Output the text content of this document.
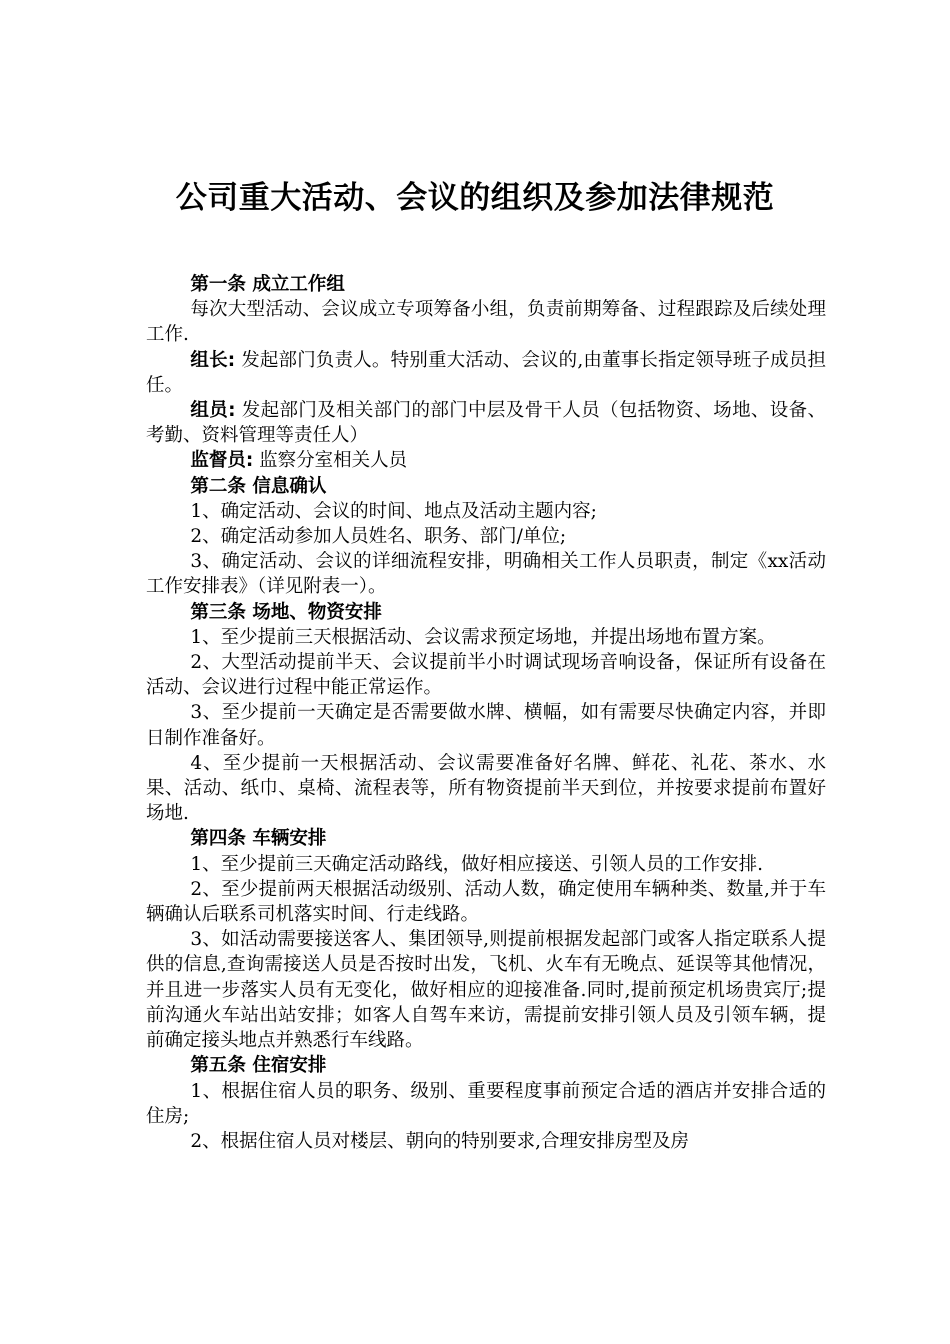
公司重大活动、会议的组织及参加法律规范

第一条 成立工作组

每次大型活动、会议成立专项筹备小组，负责前期筹备、过程跟踪及后续处理工作.

组长: 发起部门负责人。特别重大活动、会议的,由董事长指定领导班子成员担任。

组员: 发起部门及相关部门的部门中层及骨干人员（包括物资、场地、设备、考勤、资料管理等责任人）

监督员: 监察分室相关人员

第二条 信息确认

1、确定活动、会议的时间、地点及活动主题内容;

2、确定活动参加人员姓名、职务、部门/单位;

3、确定活动、会议的详细流程安排，明确相关工作人员职责，制定《xx活动工作安排表》（详见附表一）。

第三条 场地、物资安排

1、至少提前三天根据活动、会议需求预定场地，并提出场地布置方案。

2、大型活动提前半天、会议提前半小时调试现场音响设备，保证所有设备在活动、会议进行过程中能正常运作。

3、至少提前一天确定是否需要做水牌、横幅，如有需要尽快确定内容，并即日制作准备好。

4、至少提前一天根据活动、会议需要准备好名牌、鲜花、礼花、茶水、水果、活动、纸巾、桌椅、流程表等，所有物资提前半天到位，并按要求提前布置好场地.

第四条 车辆安排

1、至少提前三天确定活动路线，做好相应接送、引领人员的工作安排.

2、至少提前两天根据活动级别、活动人数，确定使用车辆种类、数量,并于车辆确认后联系司机落实时间、行走线路。

3、如活动需要接送客人、集团领导,则提前根据发起部门或客人指定联系人提供的信息,查询需接送人员是否按时出发，飞机、火车有无晚点、延误等其他情况，并且进一步落实人员有无变化，做好相应的迎接准备.同时,提前预定机场贵宾厅;提前沟通火车站出站安排；如客人自驾车来访，需提前安排引领人员及引领车辆，提前确定接头地点并熟悉行车线路。

第五条 住宿安排

1、根据住宿人员的职务、级别、重要程度事前预定合适的酒店并安排合适的住房;

2、根据住宿人员对楼层、朝向的特别要求,合理安排房型及房
